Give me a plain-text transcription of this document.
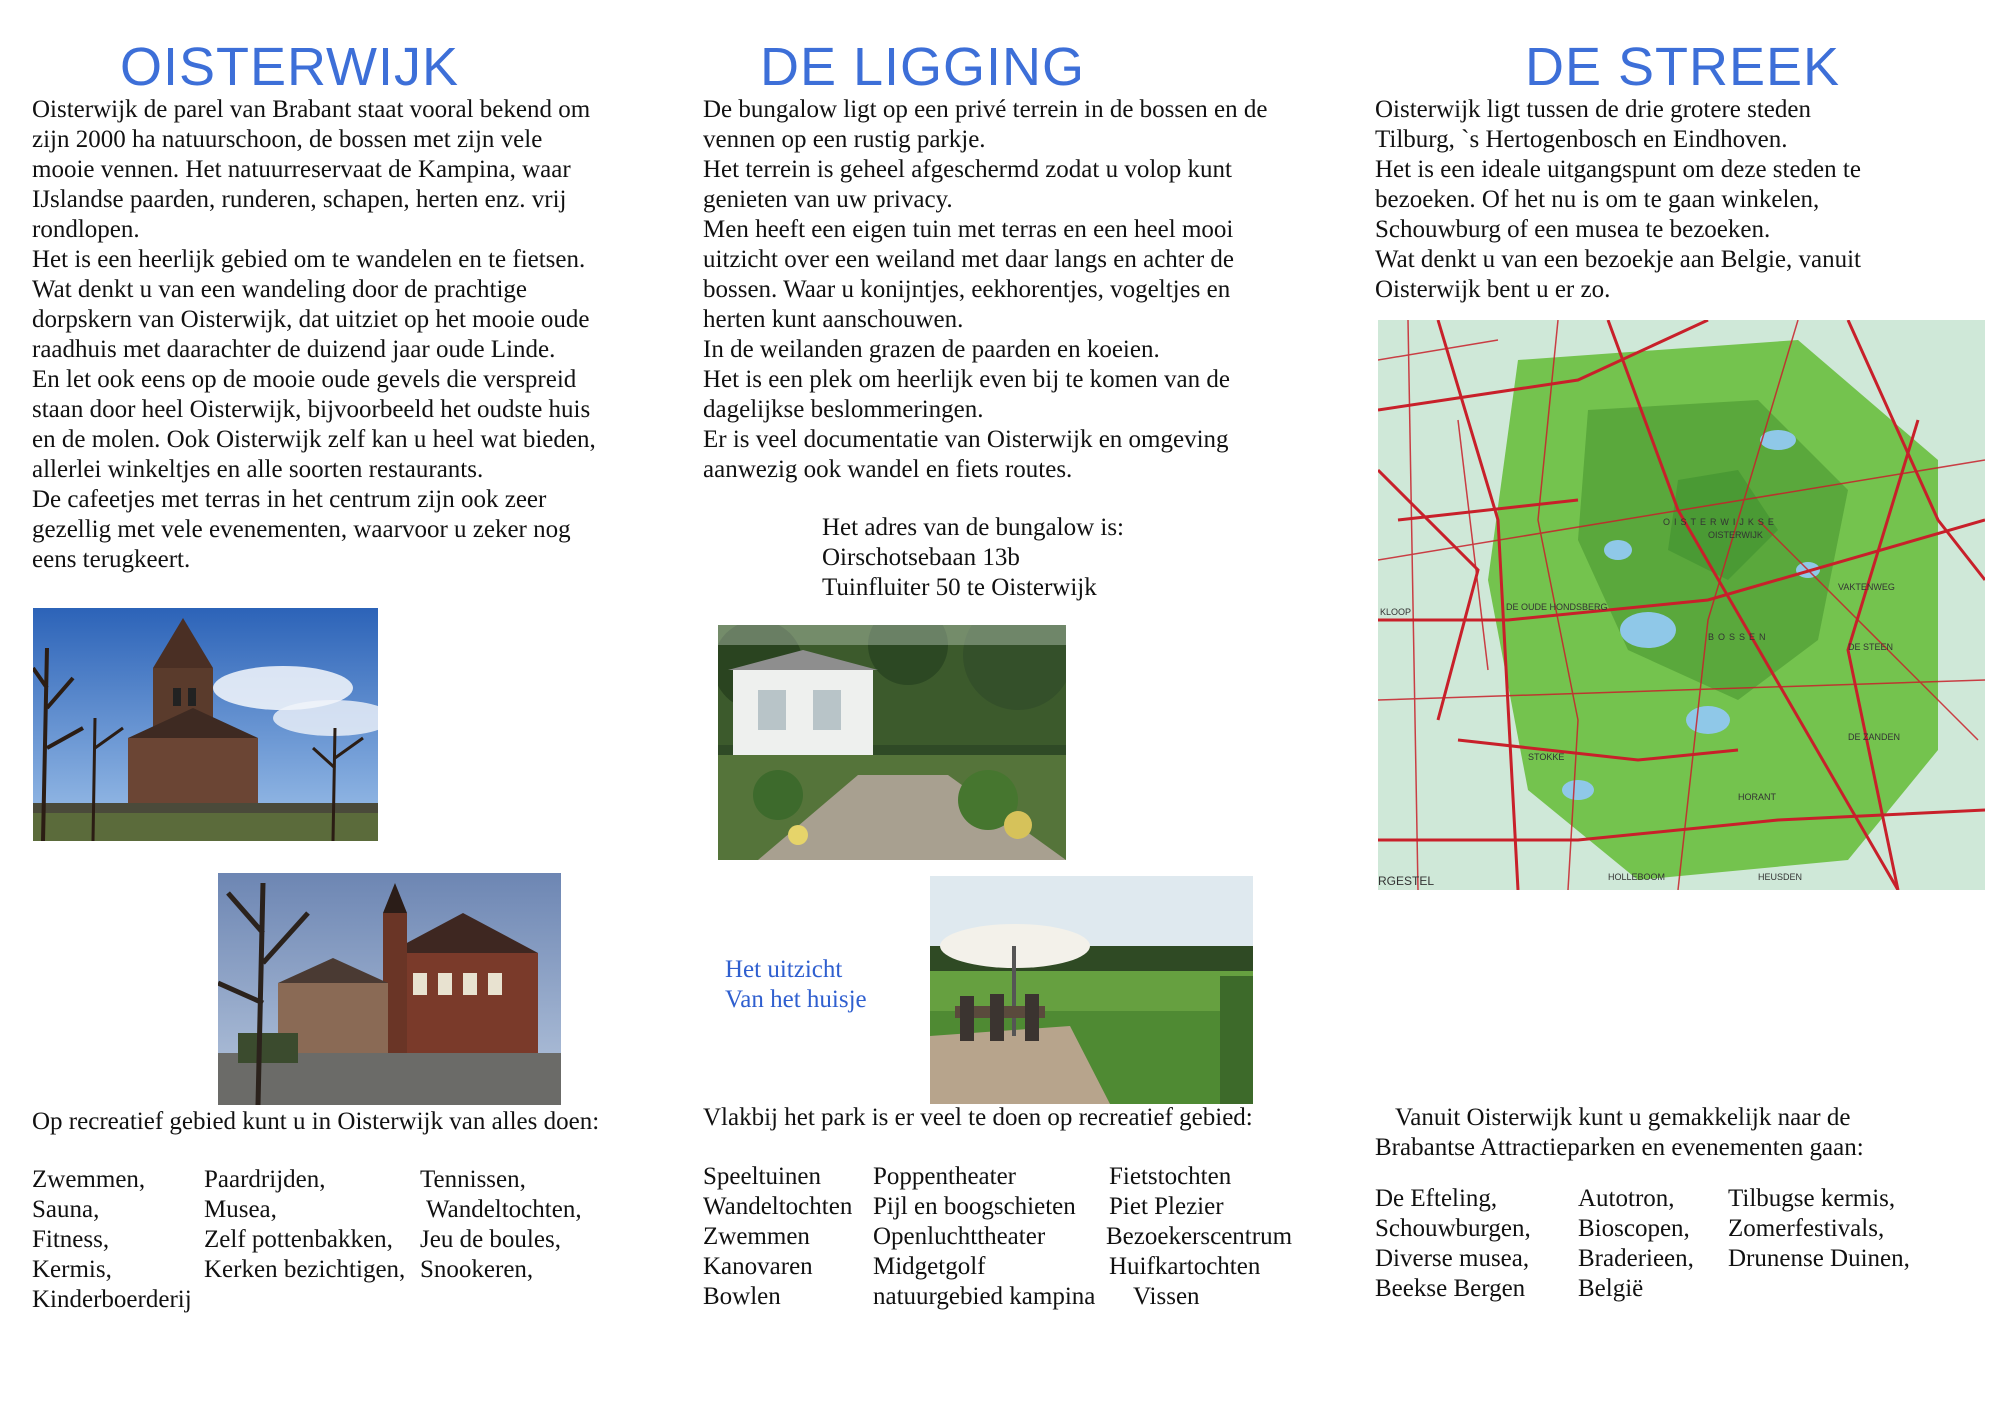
OISTERWIJK

Oisterwijk de parel van Brabant staat vooral bekend om

zijn 2000 ha natuurschoon, de bossen met zijn vele

mooie vennen. Het natuurreservaat de Kampina, waar

IJslandse paarden, runderen, schapen, herten enz. vrij

rondlopen.

Het is een heerlijk gebied om te wandelen en te fietsen.

Wat denkt u van een wandeling door de prachtige

dorpskern van Oisterwijk, dat uitziet op het mooie oude

raadhuis met daarachter de duizend jaar oude Linde.

En let ook eens op de mooie oude gevels die verspreid

staan door heel Oisterwijk, bijvoorbeeld het oudste huis

en de molen. Ook Oisterwijk zelf kan u heel wat bieden,

allerlei winkeltjes en alle soorten restaurants.

De cafeetjes met terras in het centrum zijn ook zeer

gezellig met vele evenementen, waarvoor u zeker nog

eens terugkeert.

Op recreatief gebied kunt u in Oisterwijk van alles doen:

Zwemmen,
Sauna,
Fitness,
Kermis,
Kinderboerderij
Paardrijden,
Musea,
Zelf pottenbakken,
Kerken bezichtigen,
Tennissen,
Wandeltochten,
Jeu de boules,
Snookeren,
DE LIGGING

De bungalow ligt op een privé terrein in de bossen en de

vennen op een rustig parkje.

Het terrein is geheel afgeschermd zodat u volop kunt

genieten van uw privacy.

Men heeft een eigen tuin met terras en een heel mooi

uitzicht over een weiland met daar langs en achter de

bossen. Waar u konijntjes, eekhorentjes, vogeltjes en

herten kunt aanschouwen.

In de weilanden grazen de paarden en koeien.

Het is een plek om heerlijk even bij te komen van de

dagelijkse beslommeringen.

Er is veel documentatie van Oisterwijk en omgeving

aanwezig ook wandel en fiets routes.

Het adres van de bungalow is:

Oirschotsebaan 13b

Tuinfluiter 50 te Oisterwijk

Het uitzicht
Van het huisje

Vlakbij het park is er veel te doen op recreatief gebied:

Speeltuinen
Wandeltochten
Zwemmen
Kanovaren
Bowlen
Poppentheater
Pijl en boogschieten
Openluchttheater
Midgetgolf
natuurgebied kampina
Fietstochten
Piet Plezier
Bezoekerscentrum
Huifkartochten
Vissen
DE STREEK

Oisterwijk ligt tussen de drie grotere steden

Tilburg, `s Hertogenbosch en Eindhoven.

Het is een ideale uitgangspunt om deze steden te

bezoeken. Of het nu is om te gaan winkelen,

Schouwburg of een musea te bezoeken.

Wat denkt u van een bezoekje aan Belgie, vanuit

Oisterwijk bent u er zo.

OISTERWIJKSE
BOSSEN
DE OUDE HONDSBERG
VAKTENWEG
HEUSDEN
OISTERWIJK
RGESTEL	HOLLEBOOM
HORANT
STOKKE
DE ZANDEN
KLOOP
DE STEEN

Vanuit Oisterwijk kunt u gemakkelijk naar de

Brabantse Attractieparken en evenementen gaan:

De Efteling,
Schouwburgen,
Diverse musea,
Beekse Bergen
Autotron,
Bioscopen,
Braderieen,
België
Tilbugse kermis,
Zomerfestivals,
Drunense Duinen,
